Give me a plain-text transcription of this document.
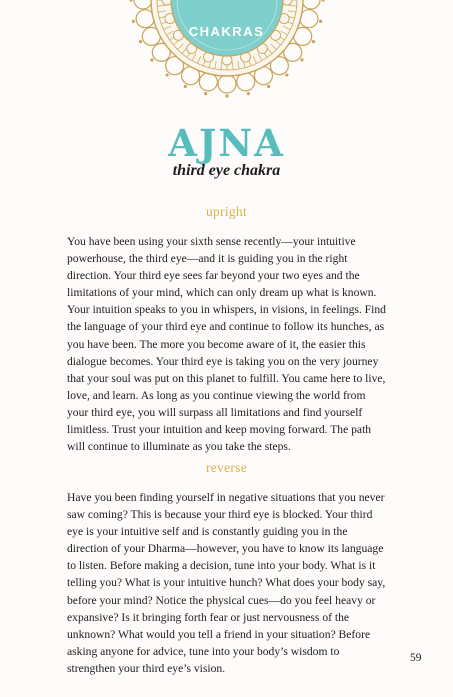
CHAKRAS
AJNA
third eye chakra
upright

You have been using your sixth sense recently—your intuitive powerhouse, the third eye—and it is guiding you in the right direction. Your third eye sees far beyond your two eyes and the limitations of your mind, which can only dream up what is known. Your intuition speaks to you in whispers, in visions, in feelings. Find the language of your third eye and continue to follow its hunches, as you have been. The more you become aware of it, the easier this dialogue becomes. Your third eye is taking you on the very journey that your soul was put on this planet to fulfill. You came here to live, love, and learn. As long as you continue viewing the world from your third eye, you will surpass all limitations and find yourself limitless. Trust your intuition and keep moving forward. The path will continue to illuminate as you take the steps.

reverse

Have you been finding yourself in negative situations that you never saw coming? This is because your third eye is blocked. Your third eye is your intuitive self and is constantly guiding you in the direction of your Dharma—however, you have to know its language to listen. Before making a decision, tune into your body. What is it telling you? What is your intuitive hunch? What does your body say, before your mind? Notice the physical cues—do you feel heavy or expansive? Is it bringing forth fear or just nervousness of the unknown? What would you tell a friend in your situation? Before asking anyone for advice, tune into your body’s wisdom to strengthen your third eye’s vision.

59
